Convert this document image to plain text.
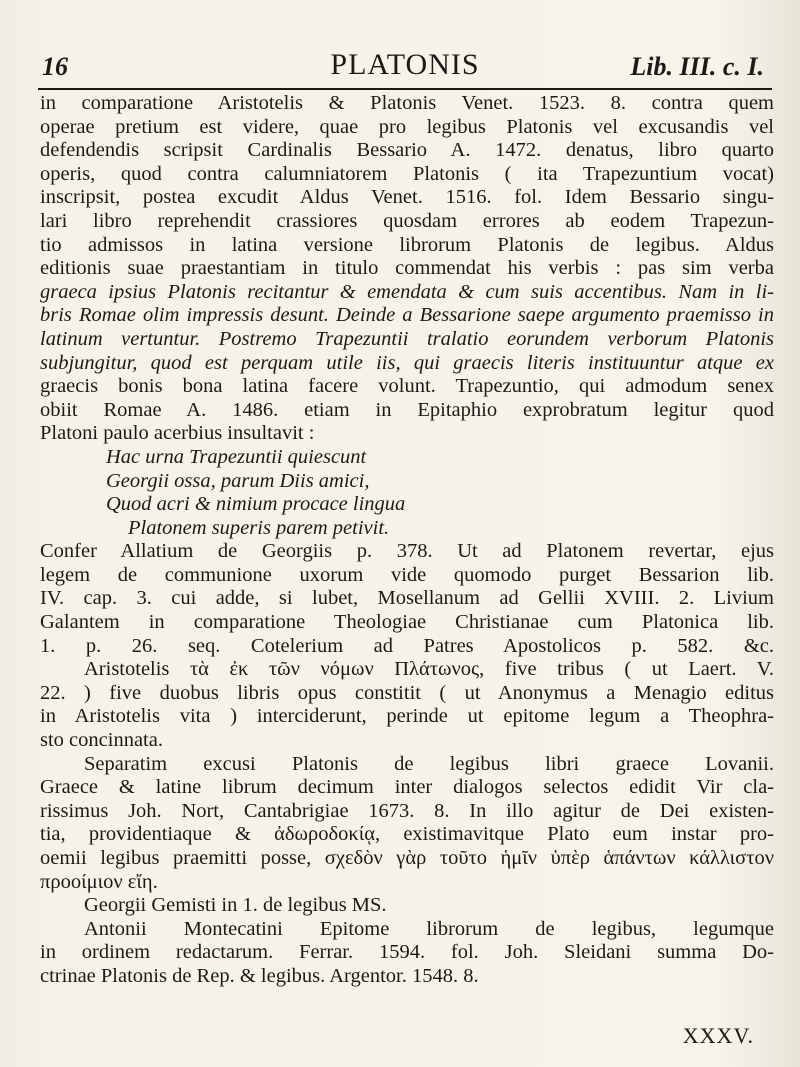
16	PLATONIS	Lib. III. c. I.
in comparatione Aristotelis & Platonis Venet. 1523. 8. contra quem
operae pretium est videre, quae pro legibus Platonis vel excusandis vel
defendendis scripsit Cardinalis Bessario A. 1472. denatus, libro quarto
operis, quod contra calumniatorem Platonis ( ita Trapezuntium vocat)
inscripsit, postea excudit Aldus Venet. 1516. fol. Idem Bessario singu-
lari libro reprehendit crassiores quosdam errores ab eodem Trapezun-
tio admissos in latina versione librorum Platonis de legibus. Aldus
editionis suae praestantiam in titulo commendat his verbis : pas sim verba
graeca ipsius Platonis recitantur & emendata & cum suis accentibus. Nam in li-
bris Romae olim impressis desunt. Deinde a Bessarione saepe argumento praemisso in
latinum vertuntur. Postremo Trapezuntii tralatio eorundem verborum Platonis
subjungitur, quod est perquam utile iis, qui graecis literis instituuntur atque ex
graecis bonis bona latina facere volunt. Trapezuntio, qui admodum senex
obiit Romae A. 1486. etiam in Epitaphio exprobratum legitur quod
Platoni paulo acerbius insultavit :
Hac urna Trapezuntii quiescunt
Georgii ossa, parum Diis amici,
Quod acri & nimium procace lingua
Platonem superis parem petivit.
Confer Allatium de Georgiis p. 378. Ut ad Platonem revertar, ejus
legem de communione uxorum vide quomodo purget Bessarion lib.
IV. cap. 3. cui adde, si lubet, Mosellanum ad Gellii XVIII. 2. Livium
Galantem in comparatione Theologiae Christianae cum Platonica lib.
1. p. 26. seq. Cotelerium ad Patres Apostolicos p. 582. &c.
Aristotelis τὰ ἐκ τῶν νόμων Πλάτωνος, five tribus ( ut Laert. V.
22. ) five duobus libris opus constitit ( ut Anonymus a Menagio editus
in Aristotelis vita ) interciderunt, perinde ut epitome legum a Theophra-
sto concinnata.
Separatim excusi Platonis de legibus libri graece Lovanii.
Graece & latine librum decimum inter dialogos selectos edidit Vir cla-
rissimus Joh. Nort, Cantabrigiae 1673. 8. In illo agitur de Dei existen-
tia, providentiaque & ἀδωροδοκίᾳ, existimavitque Plato eum instar pro-
oemii legibus praemitti posse, σχεδὸν γὰρ τοῦτο ἡμῖν ὑπὲρ ἁπάντων κάλλιστον
προοίμιον εἴη.
Georgii Gemisti in 1. de legibus MS.
Antonii Montecatini Epitome librorum de legibus, legumque
in ordinem redactarum. Ferrar. 1594. fol. Joh. Sleidani summa Do-
ctrinae Platonis de Rep. & legibus. Argentor. 1548. 8.
XXXV.
